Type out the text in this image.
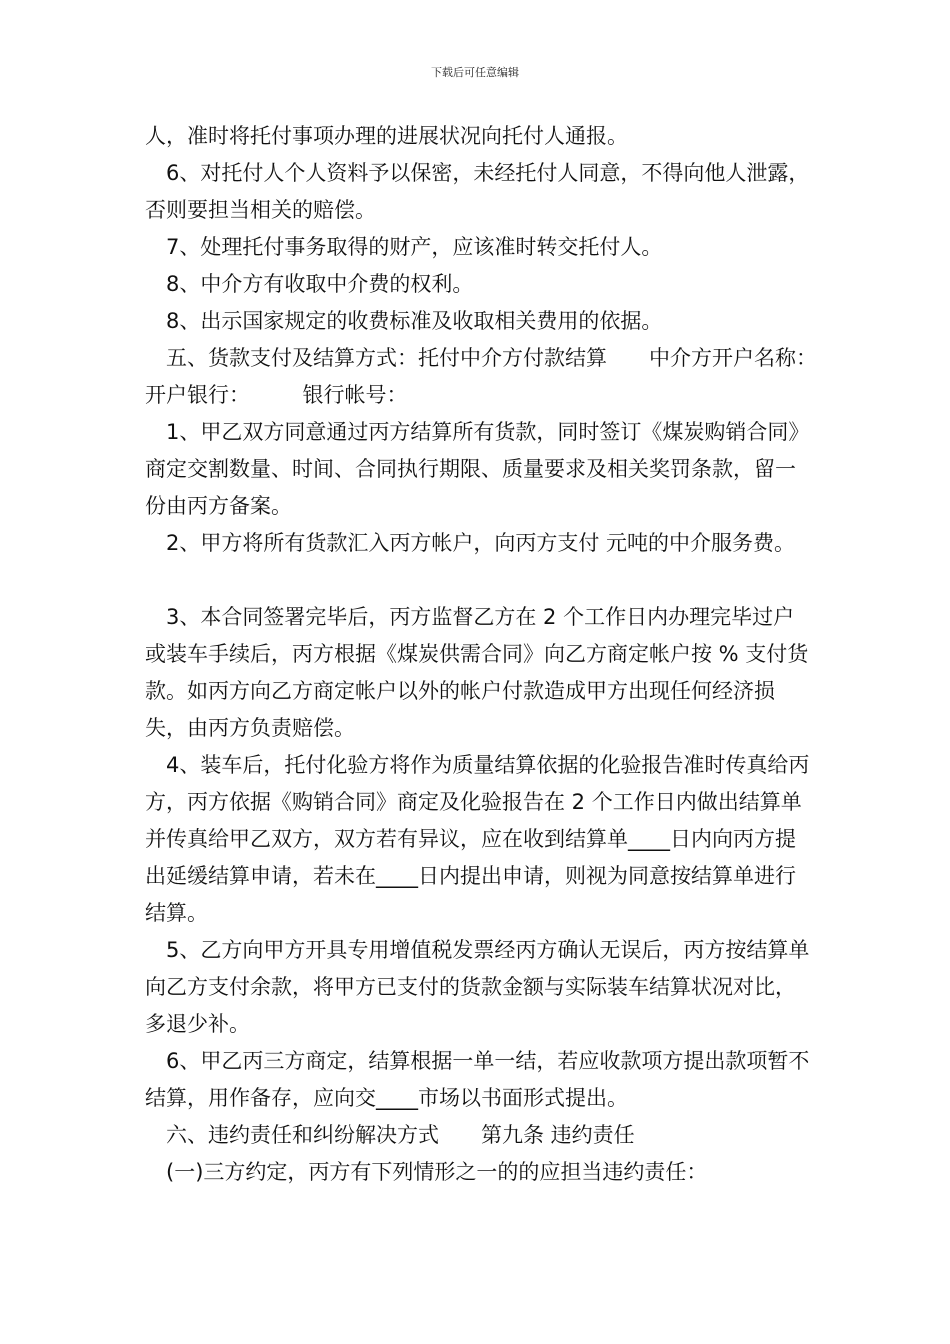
下载后可任意编辑

人，准时将托付事项办理的进展状况向托付人通报。

6、对托付人个人资料予以保密，未经托付人同意，不得向他人泄露，否则要担当相关的赔偿。

7、处理托付事务取得的财产，应该准时转交托付人。

8、中介方有收取中介费的权利。

8、出示国家规定的收费标准及收取相关费用的依据。

五、货款支付及结算方式：托付中介方付款结算　　中介方开户名称：　　　开户银行：　　　银行帐号：

1、甲乙双方同意通过丙方结算所有货款，同时签订《煤炭购销合同》商定交割数量、时间、合同执行期限、质量要求及相关奖罚条款，留一份由丙方备案。

2、甲方将所有货款汇入丙方帐户，向丙方支付 元吨的中介服务费。

3、本合同签署完毕后，丙方监督乙方在 2 个工作日内办理完毕过户或装车手续后，丙方根据《煤炭供需合同》向乙方商定帐户按 % 支付货款。如丙方向乙方商定帐户以外的帐户付款造成甲方出现任何经济损失，由丙方负责赔偿。

4、装车后，托付化验方将作为质量结算依据的化验报告准时传真给丙方，丙方依据《购销合同》商定及化验报告在 2 个工作日内做出结算单并传真给甲乙双方，双方若有异议，应在收到结算单____日内向丙方提出延缓结算申请，若未在____日内提出申请，则视为同意按结算单进行结算。

5、乙方向甲方开具专用增值税发票经丙方确认无误后，丙方按结算单向乙方支付余款，将甲方已支付的货款金额与实际装车结算状况对比，多退少补。

6、甲乙丙三方商定，结算根据一单一结，若应收款项方提出款项暂不结算，用作备存，应向交____市场以书面形式提出。

六、违约责任和纠纷解决方式　　第九条 违约责任

(一)三方约定，丙方有下列情形之一的的应担当违约责任：
